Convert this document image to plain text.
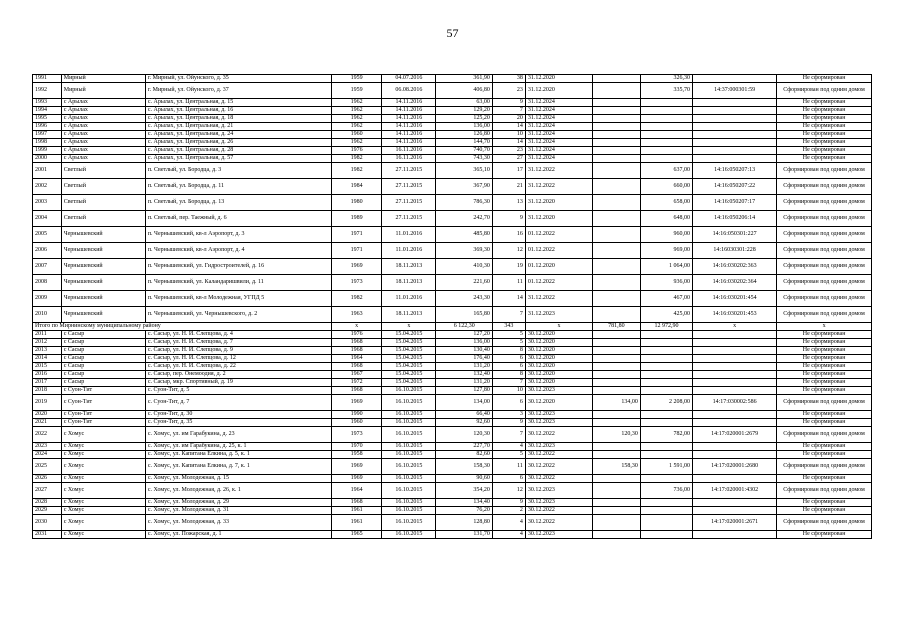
57
1991	Мирный	г. Мирный, ул. Ойунского, д. 35	1959	04.07.2016	361,90	38	31.12.2020		326,30		Не сформирован
1992	Мирный	г. Мирный, ул. Ойунского, д. 37	1959	06.08.2016	406,80	23	31.12.2020		335,70	14:37:000301:59	Сформирован под одним домом
1993	с Арылах	с. Арылах, ул. Центральная, д. 15	1962	14.11.2016	63,00	9	31.12.2024				Не сформирован
1994	с Арылах	с. Арылах, ул. Центральная, д. 16	1962	14.11.2016	129,20	7	31.12.2024				Не сформирован
1995	с Арылах	с. Арылах, ул. Центральная, д. 18	1962	14.11.2016	125,20	20	31.12.2024				Не сформирован
1996	с Арылах	с. Арылах, ул. Центральная, д. 21	1962	14.11.2016	136,00	14	31.12.2024				Не сформирован
1997	с Арылах	с. Арылах, ул. Центральная, д. 24	1960	14.11.2016	126,80	10	31.12.2024				Не сформирован
1998	с Арылах	с. Арылах, ул. Центральная, д. 26	1962	14.11.2016	144,70	14	31.12.2024				Не сформирован
1999	с Арылах	с. Арылах, ул. Центральная, д. 28	1976	16.11.2016	740,70	23	31.12.2024				Не сформирован
2000	с Арылах	с. Арылах, ул. Центральная, д. 57	1982	16.11.2016	743,30	27	31.12.2024				Не сформирован
2001	Светлый	п. Светлый, ул. Бородца, д. 3	1982	27.11.2015	365,10	17	31.12.2022		637,00	14:16:050207:13	Сформирован под одним домом
2002	Светлый	п. Светлый, ул. Бородца, д. 11	1984	27.11.2015	367,90	21	31.12.2022		660,00	14:16:050207:22	Сформирован под одним домом
2003	Светлый	п. Светлый, ул. Бородца, д. 13	1980	27.11.2015	786,30	13	31.12.2020		658,00	14:16:050207:17	Сформирован под одним домом
2004	Светлый	п. Светлый, пер. Таежный, д. 6	1989	27.11.2015	242,70	9	31.12.2020		648,00	14:16:050206:14	Сформирован под одним домом
2005	Чернышевский	п. Чернышевский, кв-л Аэропорт, д. 3	1971	11.01.2016	485,80	16	01.12.2022		960,00	14:16:050301:227	Сформирован под одним домом
2006	Чернышевский	п. Чернышевский, кв-л Аэропорт, д. 4	1971	11.01.2016	369,30	12	01.12.2022		969,00	14:16030301:228	Сформирован под одним домом
2007	Чернышевский	п. Чернышевский, ул. Гидростроителей, д. 16	1969	18.11.2013	410,30	19	01.12.2020		1 064,00	14:16:030202:363	Сформирован под одним домом
2008	Чернышевский	п. Чернышевский, ул. Каландаришвили, д. 11	1973	18.11.2013	221,60	11	01.12.2022		936,00	14:16:030202:364	Сформирован под одним домом
2009	Чернышевский	п. Чернышевский, кв-л Молодежная, УГПД 5	1982	11.01.2016	243,30	14	31.12.2022		467,00	14:16:030201:454	Сформирован под одним домом
2010	Чернышевский	п. Чернышевский, ул. Чернышевского, д. 2	1963	18.11.2013	165,80	7	31.12.2023		425,00	14:16:030201:453	Сформирован под одним домом
Итого по Мирнинскому муниципальному району			x	x	6 122,30	343	x	781,80	12 972,90	x	x
2011	с Сасыр	с. Сасыр, ул. Н. И. Слепцова, д. 4	1976	15.04.2015	127,20	5	30.12.2020				Не сформирован
2012	с Сасыр	с. Сасыр, ул. Н. И. Слепцова, д. 7	1968	15.04.2015	136,00	5	30.12.2020				Не сформирован
2013	с Сасыр	с. Сасыр, ул. Н. И. Слепцова, д. 9	1968	15.04.2015	130,40	8	30.12.2020				Не сформирован
2014	с Сасыр	с. Сасыр, ул. Н. И. Слепцова, д. 12	1964	15.04.2015	176,40	6	30.12.2020				Не сформирован
2015	с Сасыр	с. Сасыр, ул. Н. И. Слепцова, д. 22	1968	15.04.2015	131,20	6	30.12.2020				Не сформирован
2016	с Сасыр	с. Сасыр, пер. Онемоодия, д. 2	1967	15.04.2015	132,40	8	30.12.2020				Не сформирован
2017	с Сасыр	с. Сасыр, мкр. Спортивный, д. 19	1972	15.04.2015	131,20	7	30.12.2020				Не сформирован
2018	с Суон-Тит	с. Суон-Тит, д. 5	1968	16.10.2015	127,80	10	30.12.2023				Не сформирован
2019	с Суон-Тит	с. Суон-Тит, д. 7	1969	16.10.2015	134,00	6	30.12.2020	134,00	2 208,00	14:17:030002:586	Сформирован под одним домом
2020	с Суон-Тит	с. Суон-Тит, д. 30	1990	16.10.2015	66,40	3	30.12.2023				Не сформирован
2021	с Суон-Тит	с. Суон-Тит, д. 35	1960	16.10.2015	92,60	9	30.12.2023				Не сформирован
2022	с Хомус	с. Хомус, ул. им Гарабукина, д. 23	1973	16.10.2015	120,30	7	30.12.2022	120,30	782,00	14:17:020001:2679	Сформирован под одним домом
2023	с Хомус	с. Хомус, ул. им Гарабукина, д. 25, к. 1	1970	16.10.2015	227,70	4	30.12.2023				Не сформирован
2024	с Хомус	с. Хомус, ул. Капитана Елкина, д. 5, к. 1	1958	16.10.2015	82,60	5	30.12.2022				Не сформирован
2025	с Хомус	с. Хомус, ул. Капитана Елкина, д. 7, к. 1	1969	16.10.2015	158,30	11	30.12.2022	158,30	1 591,00	14:17:020001:2680	Сформирован под одним домом
2026	с Хомус	с. Хомус, ул. Молодежная, д. 15	1969	16.10.2015	90,60	6	30.12.2022				Не сформирован
2027	с Хомус	с. Хомус, ул. Молодежная, д. 26, к. 1	1964	16.10.2015	354,20	12	30.12.2023		736,00	14:17:020001:4302	Сформирован под одним домом
2028	с Хомус	с. Хомус, ул. Молодежная, д. 29	1968	16.10.2015	134,40	9	30.12.2023				Не сформирован
2029	с Хомус	с. Хомус, ул. Молодежная, д. 31	1961	16.10.2015	76,20	2	30.12.2022				Не сформирован
2030	с Хомус	с. Хомус, ул. Молодежная, д. 33	1961	16.10.2015	128,80	4	30.12.2022			14:17:020001:2671	Сформирован под одним домом
2031	с Хомус	с. Хомус, ул. Пожарская, д. 1	1965	16.10.2015	131,70	4	30.12.2023				Не сформирован
